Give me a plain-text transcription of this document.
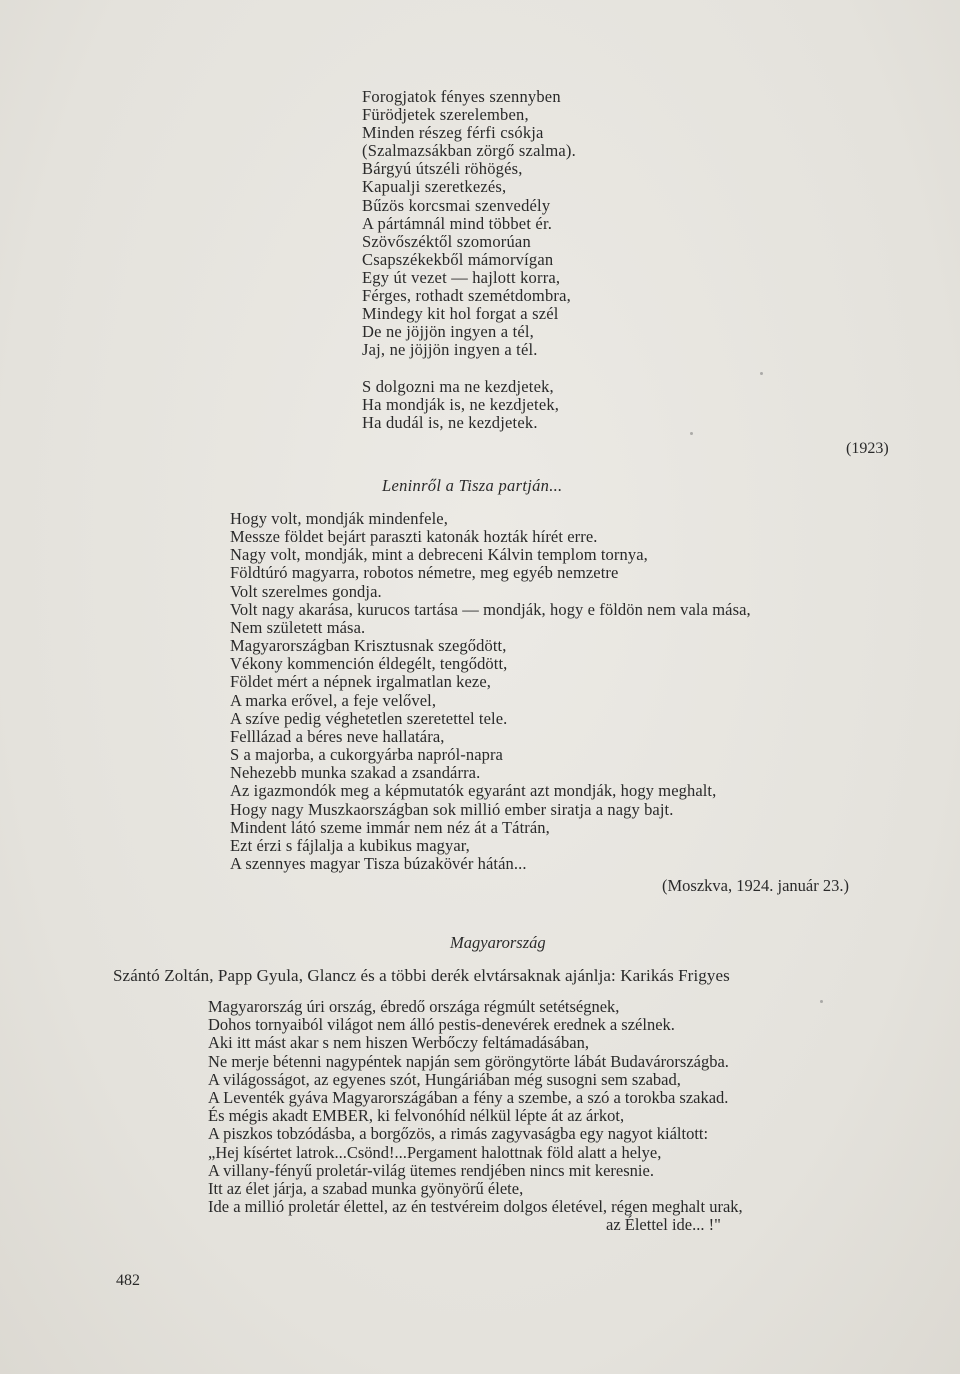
Forogjatok fényes szennyben
Fürödjetek szerelemben,
Minden részeg férfi csókja
(Szalmazsákban zörgő szalma).
Bárgyú útszéli röhögés,
Kapualji szeretkezés,
Bűzös korcsmai szenvedély
A pártámnál mind többet ér.
Szövőszéktől szomorúan
Csapszékekből mámorvígan
Egy út vezet — hajlott korra,
Férges, rothadt szemétdombra,
Mindegy kit hol forgat a szél
De ne jöjjön ingyen a tél,
Jaj, ne jöjjön ingyen a tél.
S dolgozni ma ne kezdjetek,
Ha mondják is, ne kezdjetek,
Ha dudál is, ne kezdjetek.
(1923)
Leninről a Tisza partján...
Hogy volt, mondják mindenfele,
Messze földet bejárt paraszti katonák hozták hírét erre.
Nagy volt, mondják, mint a debreceni Kálvin templom tornya,
Földtúró magyarra, robotos németre, meg egyéb nemzetre
Volt szerelmes gondja.
Volt nagy akarása, kurucos tartása — mondják, hogy e földön nem vala mása,
Nem született mása.
Magyarországban Krisztusnak szegődött,
Vékony kommención éldegélt, tengődött,
Földet mért a népnek irgalmatlan keze,
A marka erővel, a feje velővel,
A szíve pedig véghetetlen szeretettel tele.
Felllázad a béres neve hallatára,
S a majorba, a cukorgyárba napról-napra
Nehezebb munka szakad a zsandárra.
Az igazmondók meg a képmutatók egyaránt azt mondják, hogy meghalt,
Hogy nagy Muszkaországban sok millió ember siratja a nagy bajt.
Mindent látó szeme immár nem néz át a Tátrán,
Ezt érzi s fájlalja a kubikus magyar,
A szennyes magyar Tisza búzakövér hátán...
(Moszkva, 1924. január 23.)
Magyarország
Szántó Zoltán, Papp Gyula, Glancz és a többi derék elvtársaknak ajánlja: Karikás Frigyes
Magyarország úri ország, ébredő országa régmúlt setétségnek,
Dohos tornyaiból világot nem álló pestis-denevérek erednek a szélnek.
Aki itt mást akar s nem hiszen Werbőczy feltámadásában,
Ne merje bétenni nagypéntek napján sem göröngytörte lábát Budavárországba.
A világosságot, az egyenes szót, Hungáriában még susogni sem szabad,
A Leventék gyáva Magyarországában a fény a szembe, a szó a torokba szakad.
És mégis akadt EMBER, ki felvonóhíd nélkül lépte át az árkot,
A piszkos tobzódásba, a borgőzös, a rimás zagyvaságba egy nagyot kiáltott:
„Hej kísértet latrok...Csönd!...Pergament halottnak föld alatt a helye,
A villany-fényű proletár-világ ütemes rendjében nincs mit keresnie.
Itt az élet járja, a szabad munka gyönyörű élete,
Ide a millió proletár élettel, az én testvéreim dolgos életével, régen meghalt urak,
az Élettel ide... !"
482
